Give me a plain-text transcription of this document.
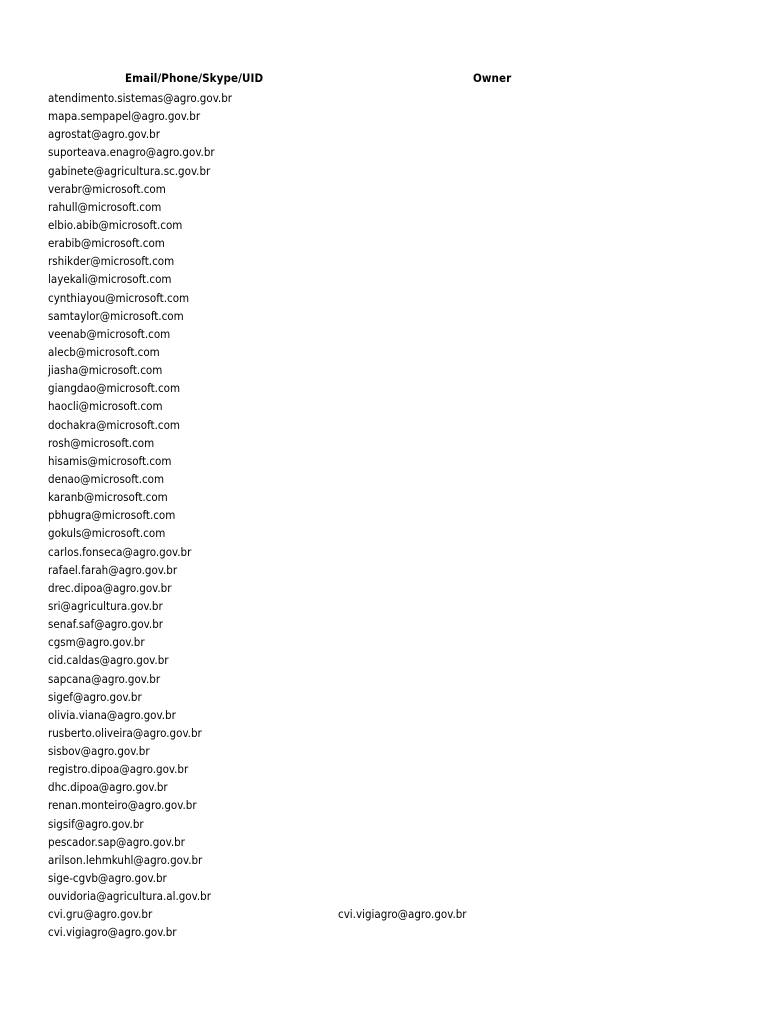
Email/Phone/Skype/UID	Owner
atendimento.sistemas@agro.gov.br
mapa.sempapel@agro.gov.br
agrostat@agro.gov.br
suporteava.enagro@agro.gov.br
gabinete@agricultura.sc.gov.br
verabr@microsoft.com
rahull@microsoft.com
elbio.abib@microsoft.com
erabib@microsoft.com
rshikder@microsoft.com
layekali@microsoft.com
cynthiayou@microsoft.com
samtaylor@microsoft.com
veenab@microsoft.com
alecb@microsoft.com
jiasha@microsoft.com
giangdao@microsoft.com
haocli@microsoft.com
dochakra@microsoft.com
rosh@microsoft.com
hisamis@microsoft.com
denao@microsoft.com
karanb@microsoft.com
pbhugra@microsoft.com
gokuls@microsoft.com
carlos.fonseca@agro.gov.br
rafael.farah@agro.gov.br
drec.dipoa@agro.gov.br
sri@agricultura.gov.br
senaf.saf@agro.gov.br
cgsm@agro.gov.br
cid.caldas@agro.gov.br
sapcana@agro.gov.br
sigef@agro.gov.br
olivia.viana@agro.gov.br
rusberto.oliveira@agro.gov.br
sisbov@agro.gov.br
registro.dipoa@agro.gov.br
dhc.dipoa@agro.gov.br
renan.monteiro@agro.gov.br
sigsif@agro.gov.br
pescador.sap@agro.gov.br
arilson.lehmkuhl@agro.gov.br
sige-cgvb@agro.gov.br
ouvidoria@agricultura.al.gov.br
cvi.gru@agro.gov.br	cvi.vigiagro@agro.gov.br
cvi.vigiagro@agro.gov.br
